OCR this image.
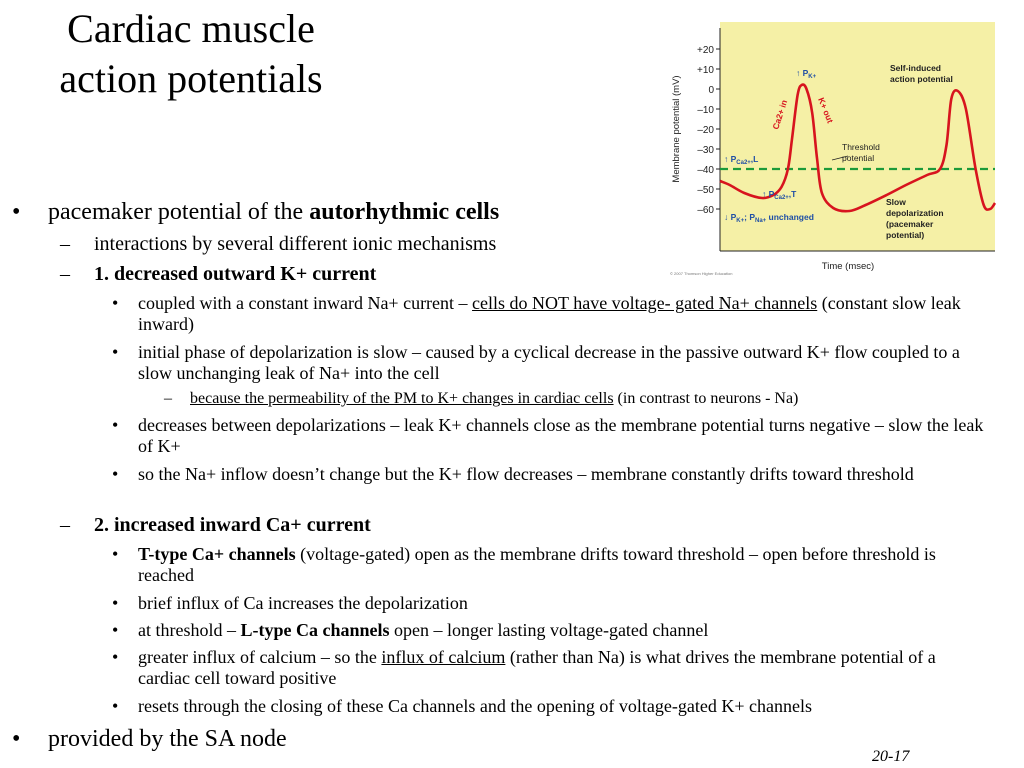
Cardiac muscle
action potentials
+20
+10
0
–10
–20
–30
–40
–50
–60
Membrane potential (mV)
Time (msec)
© 2007 Thomson Higher Education
↑ $P_{K+}$
↑ $P_{Ca2+},L$
↑ $P_{Ca2+},T$
↓ $P_{K+}$; $P_{Na+}$ unchanged
Ca2+ in	K+ out
Self-induced
action potential
Threshold
potential
Slow
depolarization
(pacemaker
potential)
•	pacemaker potential of the autorhythmic cells
–	interactions by several different ionic mechanisms
–	1. decreased outward K+ current
•	coupled with a constant inward Na+ current – cells do NOT have voltage- gated Na+ channels (constant slow leak inward)
•	initial phase of depolarization is slow – caused by a cyclical decrease in the passive outward K+ flow coupled to a slow unchanging leak of Na+ into the cell
–	because the permeability of the PM to K+ changes in cardiac cells (in contrast to neurons - Na)
•	decreases between depolarizations – leak K+ channels close as the membrane potential turns negative – slow the leak of K+
•	so the Na+ inflow doesn’t change but the K+ flow decreases – membrane constantly drifts toward threshold
–	2. increased inward Ca+ current
•	T-type Ca+ channels (voltage-gated) open as the membrane drifts toward threshold – open before threshold is reached
•	brief influx of Ca increases the depolarization
•	at threshold – L-type Ca channels open – longer lasting voltage-gated channel
•	greater influx of calcium – so the influx of calcium (rather than Na) is what drives the membrane potential of a cardiac cell toward positive
•	resets through the closing of these Ca channels and the opening of voltage-gated K+ channels
•	provided by the SA node
20-17
